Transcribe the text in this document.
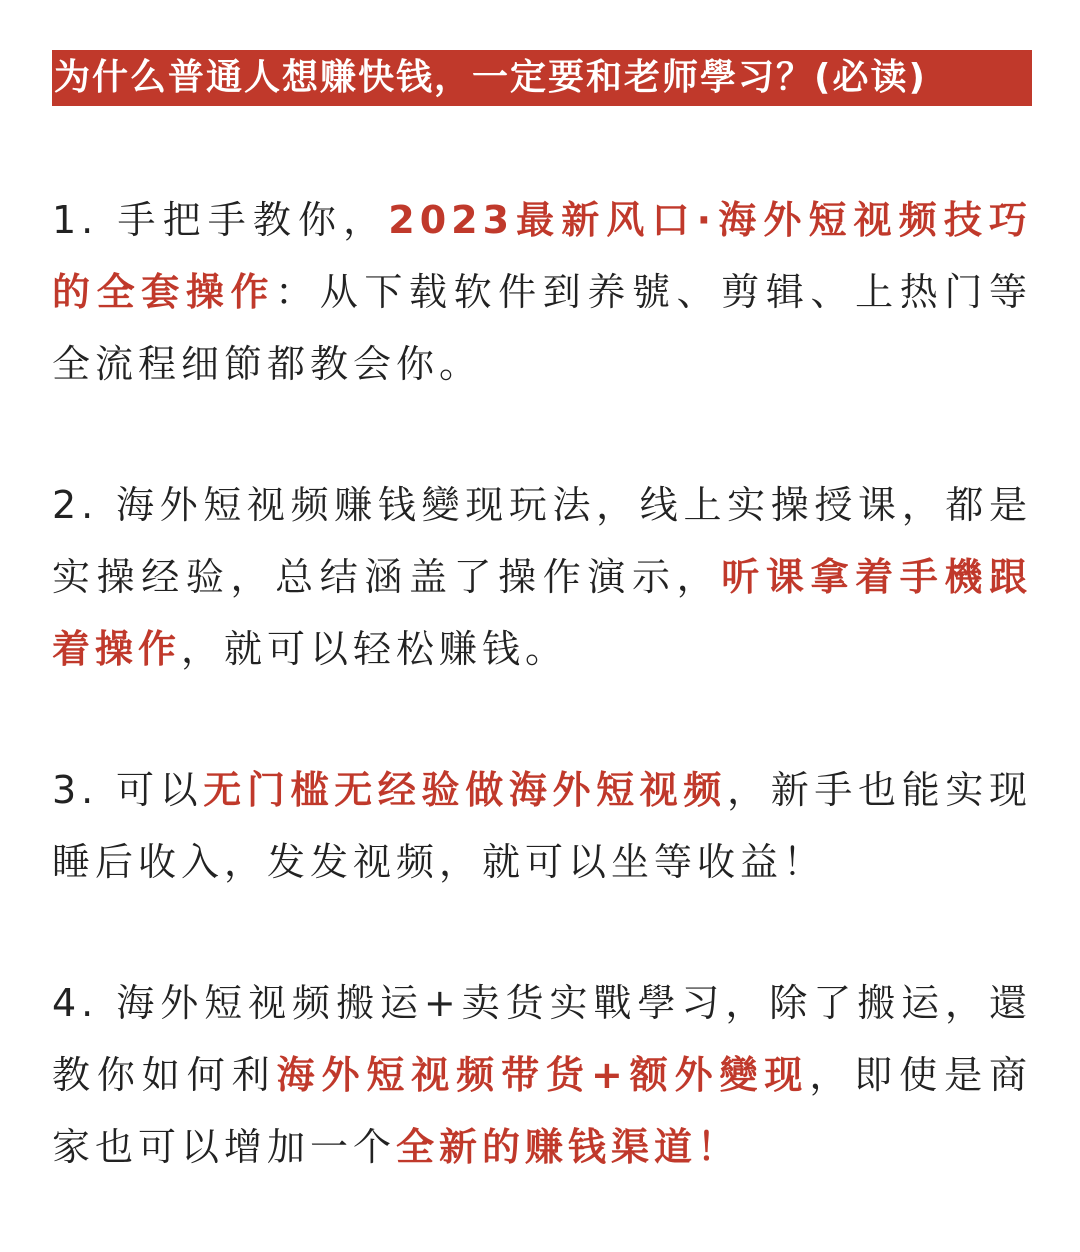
为什么普通人想赚快钱，一定要和老师學习？(必读)

1. 手把手教你，2023最新风口·海外短视频技巧的全套操作：从下载软件到养號、剪辑、上热门等全流程细節都教会你。

2. 海外短视频赚钱變现玩法，线上实操授课，都是实操经验，总结涵盖了操作演示，听课拿着手機跟着操作，就可以轻松赚钱。

3. 可以无门槛无经验做海外短视频，新手也能实现睡后收入，发发视频，就可以坐等收益！

4. 海外短视频搬运+卖货实戰學习，除了搬运，還教你如何利海外短视频带货+额外變现，即使是商家也可以增加一个全新的赚钱渠道！
